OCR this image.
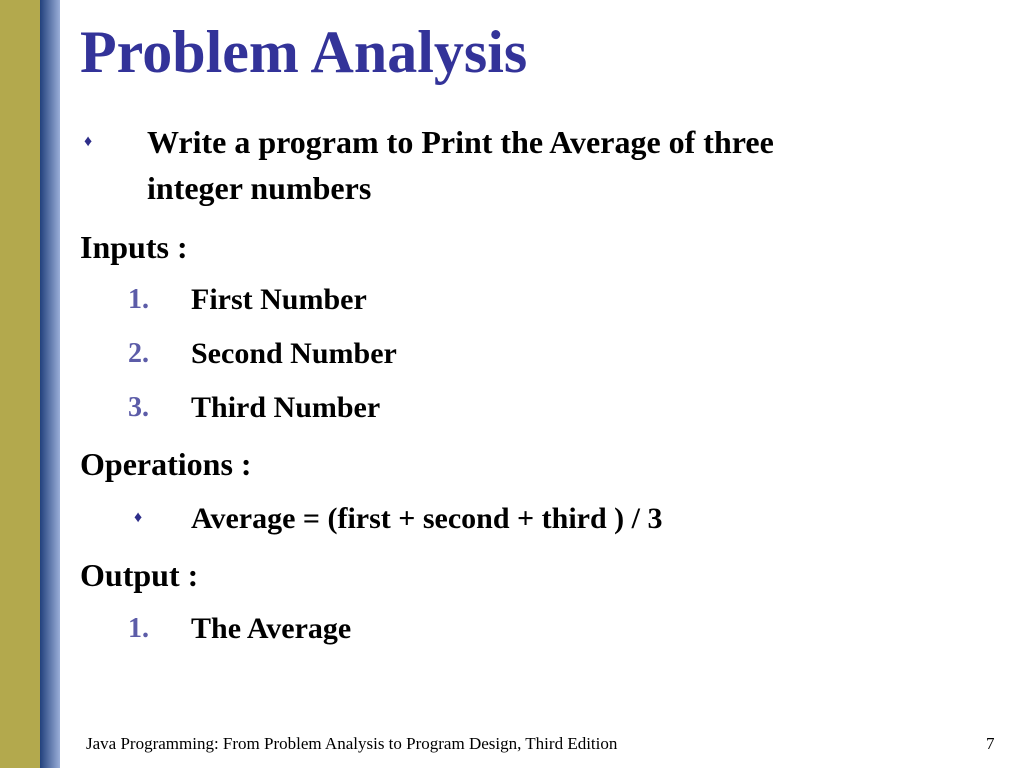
Problem Analysis
♦ Write a program to Print the Average of three

integer numbers

Inputs :

1. First Number

2. Second Number

3. Third Number

Operations :

♦ Average = (first + second + third ) / 3

Output :

1. The Average

Java Programming: From Problem Analysis to Program Design, Third Edition	7
